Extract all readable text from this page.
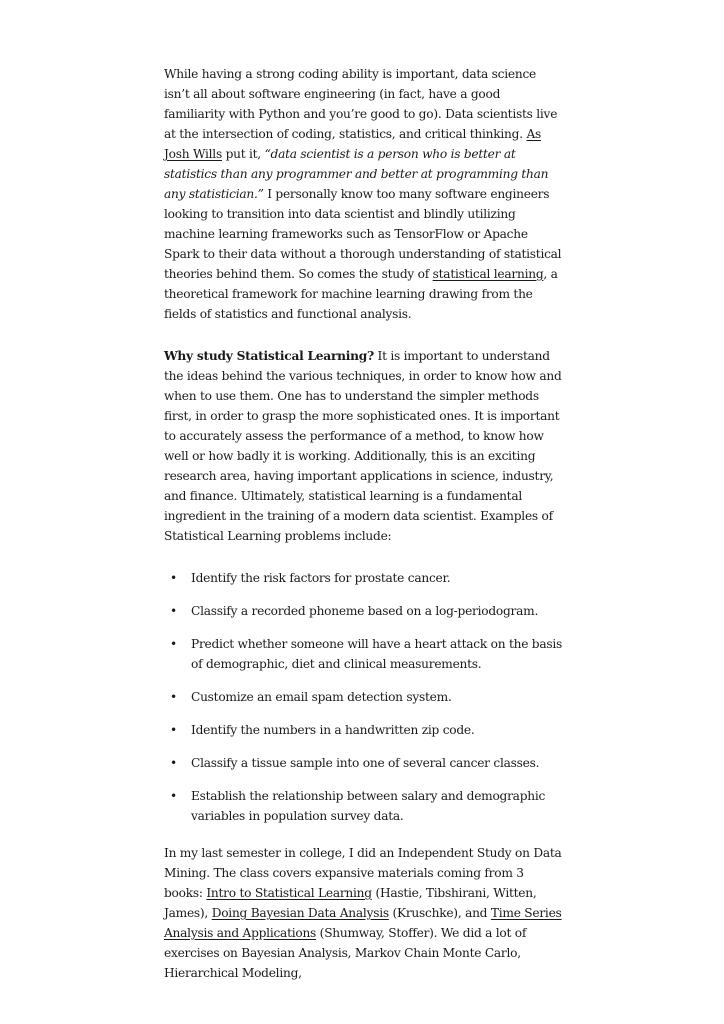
While having a strong coding ability is important, data science isn’t all about software engineering (in fact, have a good familiarity with Python and you’re good to go). Data scientists live at the intersection of coding, statistics, and critical thinking. As Josh Wills put it, “data scientist is a person who is better at statistics than any programmer and better at programming than any statistician.” I personally know too many software engineers looking to transition into data scientist and blindly utilizing machine learning frameworks such as TensorFlow or Apache Spark to their data without a thorough understanding of statistical theories behind them. So comes the study of statistical learning, a theoretical framework for machine learning drawing from the fields of statistics and functional analysis.

Why study Statistical Learning? It is important to understand the ideas behind the various techniques, in order to know how and when to use them. One has to understand the simpler methods first, in order to grasp the more sophisticated ones. It is important to accurately assess the performance of a method, to know how well or how badly it is working. Additionally, this is an exciting research area, having important applications in science, industry, and finance. Ultimately, statistical learning is a fundamental ingredient in the training of a modern data scientist. Examples of Statistical Learning problems include:

• Identify the risk factors for prostate cancer.
• Classify a recorded phoneme based on a log-periodogram.
• Predict whether someone will have a heart attack on the basis of demographic, diet and clinical measurements.
• Customize an email spam detection system.
• Identify the numbers in a handwritten zip code.
• Classify a tissue sample into one of several cancer classes.
• Establish the relationship between salary and demographic variables in population survey data.

In my last semester in college, I did an Independent Study on Data Mining. The class covers expansive materials coming from 3 books: Intro to Statistical Learning (Hastie, Tibshirani, Witten, James), Doing Bayesian Data Analysis (Kruschke), and Time Series Analysis and Applications (Shumway, Stoffer). We did a lot of exercises on Bayesian Analysis, Markov Chain Monte Carlo, Hierarchical Modeling,
